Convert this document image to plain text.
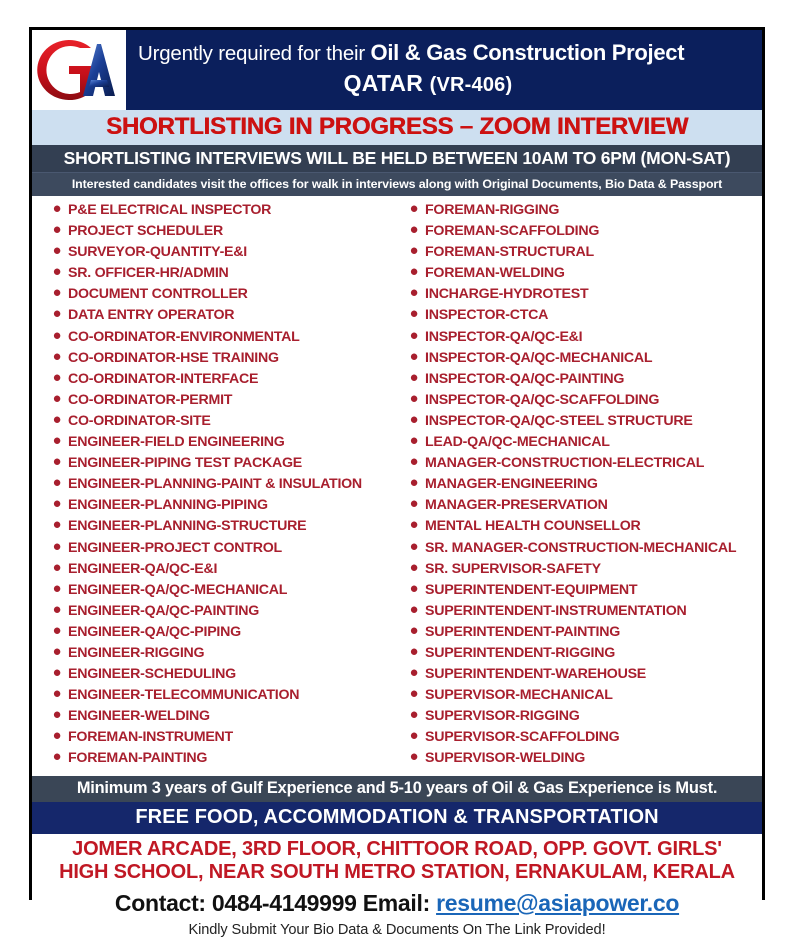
Urgently required for their Oil & Gas Construction Project
QATAR (VR-406)
SHORTLISTING IN PROGRESS – ZOOM INTERVIEW
SHORTLISTING INTERVIEWS WILL BE HELD BETWEEN 10AM TO 6PM (MON-SAT)
Interested candidates visit the offices for walk in interviews along with Original Documents, Bio Data & Passport
● P&E ELECTRICAL INSPECTOR
● PROJECT SCHEDULER
● SURVEYOR-QUANTITY-E&I
● SR. OFFICER-HR/ADMIN
● DOCUMENT CONTROLLER
● DATA ENTRY OPERATOR
● CO-ORDINATOR-ENVIRONMENTAL
● CO-ORDINATOR-HSE TRAINING
● CO-ORDINATOR-INTERFACE
● CO-ORDINATOR-PERMIT
● CO-ORDINATOR-SITE
● ENGINEER-FIELD ENGINEERING
● ENGINEER-PIPING TEST PACKAGE
● ENGINEER-PLANNING-PAINT & INSULATION
● ENGINEER-PLANNING-PIPING
● ENGINEER-PLANNING-STRUCTURE
● ENGINEER-PROJECT CONTROL
● ENGINEER-QA/QC-E&I
● ENGINEER-QA/QC-MECHANICAL
● ENGINEER-QA/QC-PAINTING
● ENGINEER-QA/QC-PIPING
● ENGINEER-RIGGING
● ENGINEER-SCHEDULING
● ENGINEER-TELECOMMUNICATION
● ENGINEER-WELDING
● FOREMAN-INSTRUMENT
● FOREMAN-PAINTING
● FOREMAN-RIGGING
● FOREMAN-SCAFFOLDING
● FOREMAN-STRUCTURAL
● FOREMAN-WELDING
● INCHARGE-HYDROTEST
● INSPECTOR-CTCA
● INSPECTOR-QA/QC-E&I
● INSPECTOR-QA/QC-MECHANICAL
● INSPECTOR-QA/QC-PAINTING
● INSPECTOR-QA/QC-SCAFFOLDING
● INSPECTOR-QA/QC-STEEL STRUCTURE
● LEAD-QA/QC-MECHANICAL
● MANAGER-CONSTRUCTION-ELECTRICAL
● MANAGER-ENGINEERING
● MANAGER-PRESERVATION
● MENTAL HEALTH COUNSELLOR
● SR. MANAGER-CONSTRUCTION-MECHANICAL
● SR. SUPERVISOR-SAFETY
● SUPERINTENDENT-EQUIPMENT
● SUPERINTENDENT-INSTRUMENTATION
● SUPERINTENDENT-PAINTING
● SUPERINTENDENT-RIGGING
● SUPERINTENDENT-WAREHOUSE
● SUPERVISOR-MECHANICAL
● SUPERVISOR-RIGGING
● SUPERVISOR-SCAFFOLDING
● SUPERVISOR-WELDING
Minimum 3 years of Gulf Experience and 5-10 years of Oil & Gas Experience is Must.
FREE FOOD, ACCOMMODATION & TRANSPORTATION
JOMER ARCADE, 3RD FLOOR, CHITTOOR ROAD, OPP. GOVT. GIRLS'
HIGH SCHOOL, NEAR SOUTH METRO STATION, ERNAKULAM, KERALA
Contact: 0484-4149999 Email: resume@asiapower.co
Kindly Submit Your Bio Data & Documents On The Link Provided!
